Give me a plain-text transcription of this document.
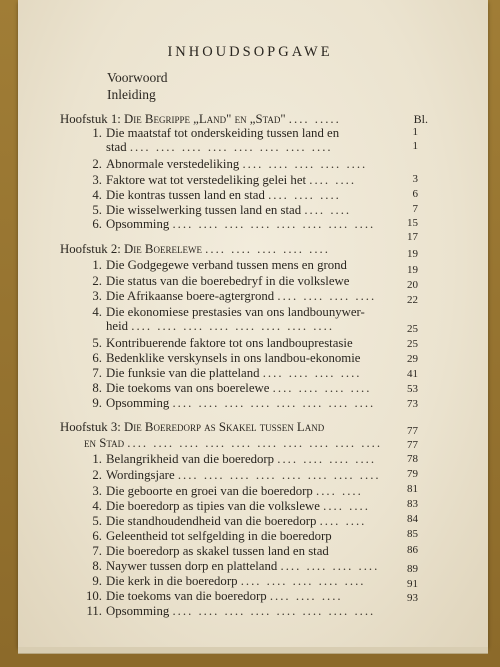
INHOUDSOPGAWE
Voorwoord
Inleiding
Bl.
Hoofstuk 1: Die Begrippe „Land" en „Stad" .... .....
1. Die maatstaf tot onderskeiding tussen land en
stad .... .... .... .... .... .... .... ....
2. Abnormale verstedeliking .... .... .... .... ....
3. Faktore wat tot verstedeliking gelei het .... ....
4. Die kontras tussen land en stad .... .... ....
5. Die wisselwerking tussen land en stad .... ....
6. Opsomming .... .... .... .... .... .... .... ....
1
1
3
6
7
15
17
Hoofstuk 2: Die Boerelewe .... .... .... .... ....
1. Die Godgegewe verband tussen mens en grond
2. Die status van die boerebedryf in die volkslewe
3. Die Afrikaanse boere-agtergrond .... .... .... ....
4. Die ekonomiese prestasies van ons landbounywer-
heid .... .... .... .... .... .... .... ....
5. Kontribuerende faktore tot ons landbouprestasie
6. Bedenklike verskynsels in ons landbou-ekonomie
7. Die funksie van die platteland .... .... .... ....
8. Die toekoms van ons boerelewe .... .... .... ....
9. Opsomming .... .... .... .... .... .... .... ....
19
19
20
22
25
25
29
41
53
73
Hoofstuk 3: Die Boeredorp as Skakel tussen Land
en Stad .... .... .... .... .... .... .... .... .... ....
1. Belangrikheid van die boeredorp .... .... .... ....
2. Wordingsjare .... .... .... .... .... .... .... ....
3. Die geboorte en groei van die boeredorp .... ....
4. Die boeredorp as tipies van die volkslewe .... ....
5. Die standhoudendheid van die boeredorp .... ....
6. Geleentheid tot selfgelding in die boeredorp
7. Die boeredorp as skakel tussen land en stad
8. Naywer tussen dorp en platteland .... .... .... ....
9. Die kerk in die boeredorp .... .... .... .... ....
10. Die toekoms van die boeredorp .... .... ....
11. Opsomming .... .... .... .... .... .... .... ....
77
77
78
79
81
83
84
85
86
89
91
93
